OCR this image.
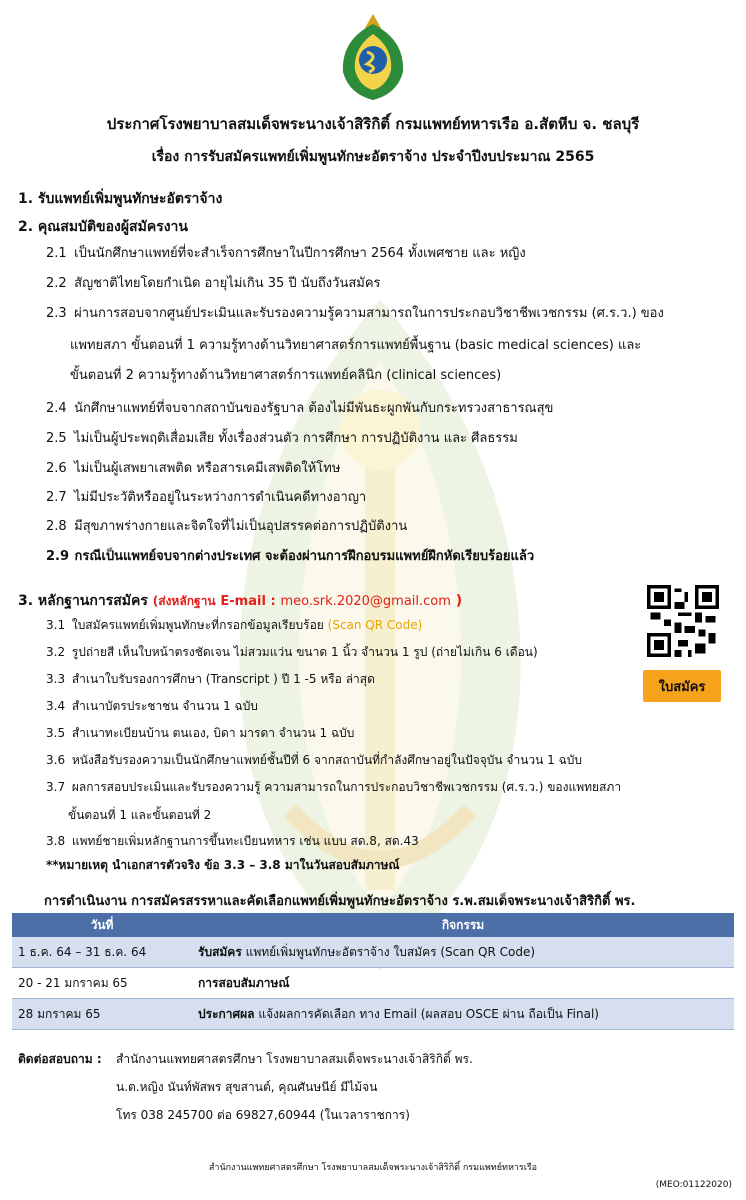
ประกาศโรงพยาบาลสมเด็จพระนางเจ้าสิริกิติ์ กรมแพทย์ทหารเรือ อ.สัตหีบ จ. ชลบุรี
เรื่อง การรับสมัครแพทย์เพิ่มพูนทักษะอัตราจ้าง ประจำปีงบประมาณ 2565
1. รับแพทย์เพิ่มพูนทักษะอัตราจ้าง
2. คุณสมบัติของผู้สมัครงาน
2.1 เป็นนักศึกษาแพทย์ที่จะสำเร็จการศึกษาในปีการศึกษา 2564 ทั้งเพศชาย และ หญิง
2.2 สัญชาติไทยโดยกำเนิด อายุไม่เกิน 35 ปี นับถึงวันสมัคร
2.3 ผ่านการสอบจากศูนย์ประเมินและรับรองความรู้ความสามารถในการประกอบวิชาชีพเวชกรรม (ศ.ร.ว.) ของ
แพทยสภา ขั้นตอนที่ 1 ความรู้ทางด้านวิทยาศาสตร์การแพทย์พื้นฐาน (basic medical sciences) และ
ขั้นตอนที่ 2 ความรู้ทางด้านวิทยาศาสตร์การแพทย์คลินิก (clinical sciences)
2.4 นักศึกษาแพทย์ที่จบจากสถาบันของรัฐบาล ต้องไม่มีพันธะผูกพันกับกระทรวงสาธารณสุข
2.5 ไม่เป็นผู้ประพฤติเสื่อมเสีย ทั้งเรื่องส่วนตัว การศึกษา การปฏิบัติงาน และ ศีลธรรม
2.6 ไม่เป็นผู้เสพยาเสพติด หรือสารเคมีเสพติดให้โทษ
2.7 ไม่มีประวัติหรืออยู่ในระหว่างการดำเนินคดีทางอาญา
2.8 มีสุขภาพร่างกายและจิตใจที่ไม่เป็นอุปสรรคต่อการปฏิบัติงาน
2.9 กรณีเป็นแพทย์จบจากต่างประเทศ จะต้องผ่านการฝึกอบรมแพทย์ฝึกหัดเรียบร้อยแล้ว
3. หลักฐานการสมัคร (ส่งหลักฐาน E-mail : meo.srk.2020@gmail.com )
3.1 ใบสมัครแพทย์เพิ่มพูนทักษะที่กรอกข้อมูลเรียบร้อย (Scan QR Code)
3.2 รูปถ่ายสี เห็นใบหน้าตรงชัดเจน ไม่สวมแว่น ขนาด 1 นิ้ว จำนวน 1 รูป (ถ่ายไม่เกิน 6 เดือน)
3.3 สำเนาใบรับรองการศึกษา (Transcript ) ปี 1 -5 หรือ ล่าสุด
3.4 สำเนาบัตรประชาชน จำนวน 1 ฉบับ
3.5 สำเนาทะเบียนบ้าน ตนเอง, บิดา มารดา จำนวน 1 ฉบับ
3.6 หนังสือรับรองความเป็นนักศึกษาแพทย์ชั้นปีที่ 6 จากสถาบันที่กำลังศึกษาอยู่ในปัจจุบัน จำนวน 1 ฉบับ
3.7 ผลการสอบประเมินและรับรองความรู้ ความสามารถในการประกอบวิชาชีพเวชกรรม (ศ.ร.ว.) ของแพทยสภา
ขั้นตอนที่ 1 และขั้นตอนที่ 2
3.8 แพทย์ชายเพิ่มหลักฐานการขึ้นทะเบียนทหาร เช่น แบบ สด.8, สด.43
**หมายเหตุ นำเอกสารตัวจริง ข้อ 3.3 – 3.8 มาในวันสอบสัมภาษณ์
ใบสมัคร
การดำเนินงาน การสมัครสรรหาและคัดเลือกแพทย์เพิ่มพูนทักษะอัตราจ้าง ร.พ.สมเด็จพระนางเจ้าสิริกิติ์ พร.
วันที่	กิจกรรม
1 ธ.ค. 64 – 31 ธ.ค. 64	รับสมัคร แพทย์เพิ่มพูนทักษะอัตราจ้าง ใบสมัคร (Scan QR Code)
20 - 21 มกราคม 65	การสอบสัมภาษณ์
28 มกราคม 65	ประกาศผล แจ้งผลการคัดเลือก ทาง Email (ผลสอบ OSCE ผ่าน ถือเป็น Final)
ติดต่อสอบถาม : สำนักงานแพทยศาสตรศึกษา โรงพยาบาลสมเด็จพระนางเจ้าสิริกิติ์ พร.
น.ต.หญิง นันท์พัสพร สุขสานต์, คุณศันษนีย์ มีไม้จน
โทร 038 245700 ต่อ 69827,60944 (ในเวลาราชการ)
สำนักงานแพทยศาสตรศึกษา โรงพยาบาลสมเด็จพระนางเจ้าสิริกิติ์ กรมแพทย์ทหารเรือ
(MEO:01122020)
